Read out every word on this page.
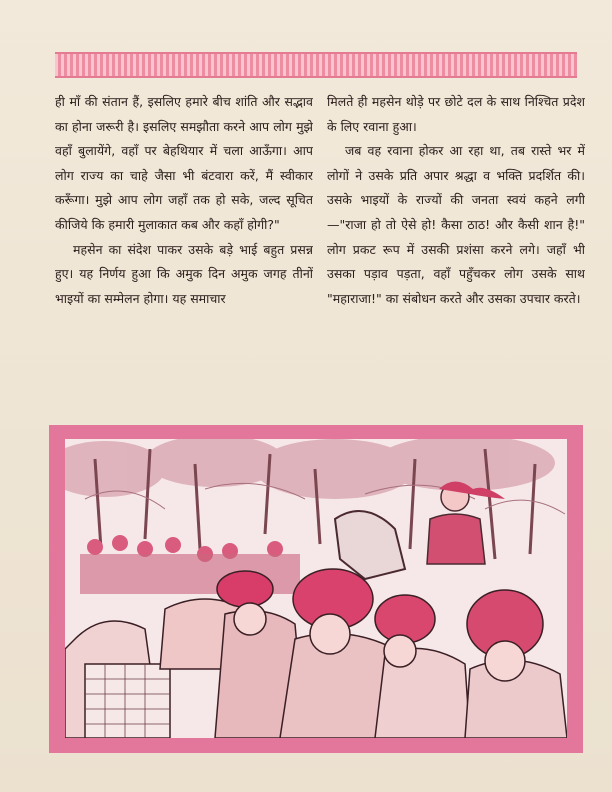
ही माँ की संतान हैं, इसलिए हमारे बीच शांति और सद्भाव का होना जरूरी है। इसलिए समझौता करने आप लोग मुझे वहाँ बुलायेंगे, वहाँ पर बेहथियार में चला आऊँगा। आप लोग राज्य का चाहे जैसा भी बंटवारा करें, मैं स्वीकार करूँगा। मुझे आप लोग जहाँ तक हो सके, जल्द सूचित कीजिये कि हमारी मुलाकात कब और कहाँ होगी?"

महसेन का संदेश पाकर उसके बड़े भाई बहुत प्रसन्न हुए। यह निर्णय हुआ कि अमुक दिन अमुक जगह तीनों भाइयों का सम्मेलन होगा। यह समाचार

मिलते ही महसेन थोड़े पर छोटे दल के साथ निश्चित प्रदेश के लिए रवाना हुआ।

जब वह रवाना होकर आ रहा था, तब रास्ते भर में लोगों ने उसके प्रति अपार श्रद्धा व भक्ति प्रदर्शित की। उसके भाइयों के राज्यों की जनता स्वयं कहने लगी—"राजा हो तो ऐसे हो! कैसा ठाठ! और कैसी शान है!" लोग प्रकट रूप में उसकी प्रशंसा करने लगे। जहाँ भी उसका पड़ाव पड़ता, वहाँ पहुँचकर लोग उसके साथ "महाराजा!" का संबोधन करते और उसका उपचार करते।
